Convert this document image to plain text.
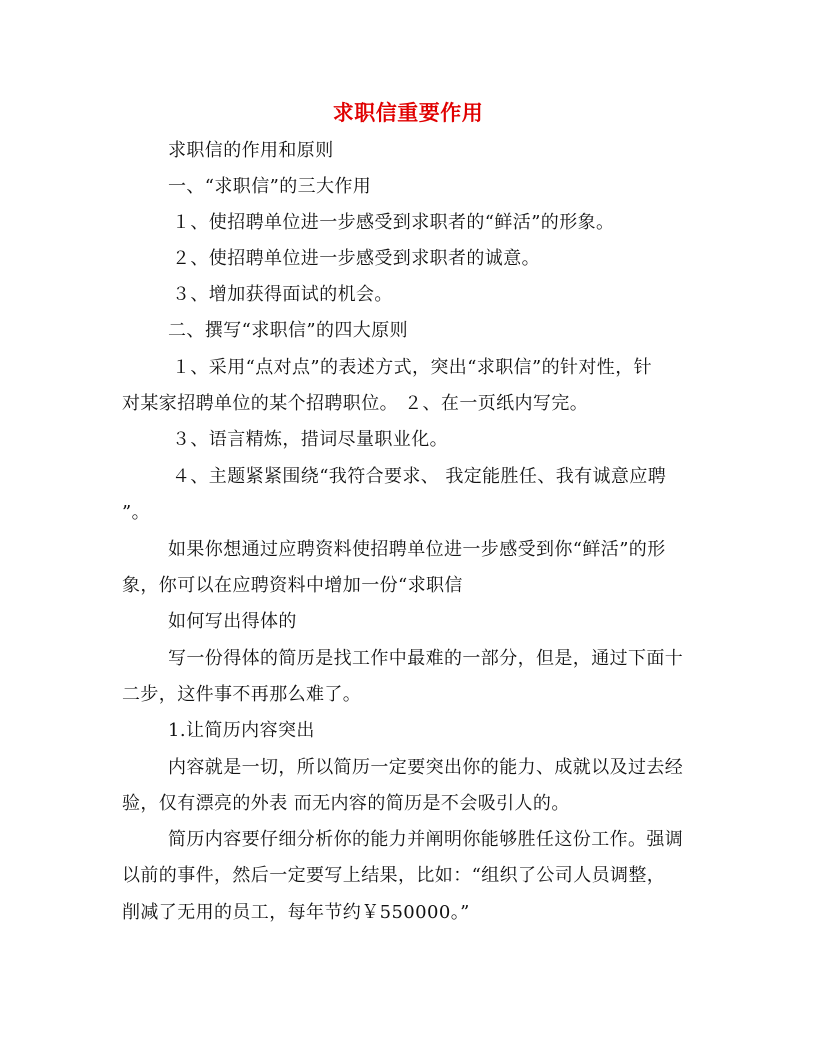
求职信重要作用
求职信的作用和原则
一、“求职信”的三大作用
１、使招聘单位进一步感受到求职者的“鲜活”的形象。
２、使招聘单位进一步感受到求职者的诚意。
３、增加获得面试的机会。
二、撰写“求职信”的四大原则
１、采用“点对点”的表述方式，突出“求职信”的针对性，针
对某家招聘单位的某个招聘职位。 ２、在一页纸内写完。
３、语言精炼，措词尽量职业化。
４、主题紧紧围绕“我符合要求、 我定能胜任、我有诚意应聘
”。
如果你想通过应聘资料使招聘单位进一步感受到你“鲜活”的形
象，你可以在应聘资料中增加一份“求职信
如何写出得体的
写一份得体的简历是找工作中最难的一部分，但是，通过下面十
二步，这件事不再那么难了。
1.让简历内容突出
内容就是一切，所以简历一定要突出你的能力、成就以及过去经
验，仅有漂亮的外表 而无内容的简历是不会吸引人的。
简历内容要仔细分析你的能力并阐明你能够胜任这份工作。强调
以前的事件，然后一定要写上结果，比如：“组织了公司人员调整，
削减了无用的员工，每年节约￥550000。”
